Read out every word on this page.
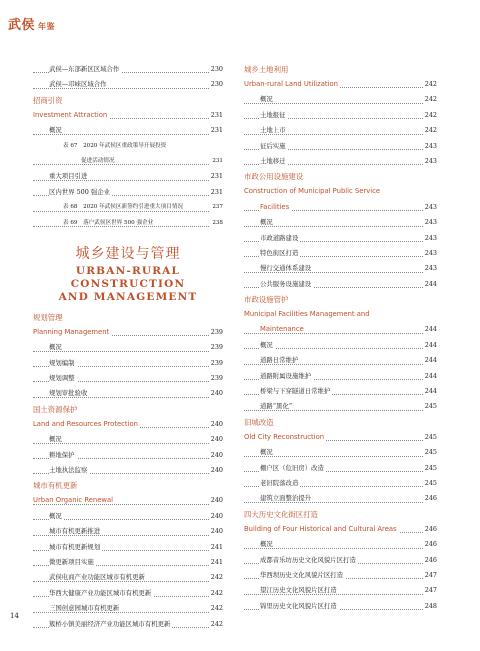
武侯 年鉴
武侯—东部新区区域合作	230
武侯—邛崃区域合作	230
招商引资
Investment Attraction	231
概况	231
表 67　2020 年武侯区重政策导开展投资
促进活动情况	231
重大项目引进	231
区内世界 500 强企业	231
表 68　2020 年武侯区新签约引进重大项目情况	237
表 69　落户武侯区世界 500 强企业	238
城乡建设与管理
URBAN-RURAL CONSTRUCTION
AND MANAGEMENT
规划管理
Planning Management	239
概况	239
规划编制	239
规划调整	239
规划审批验收	240
国土资源保护
Land and Resources Protection	240
概况	240
耕地保护	240
土地执法监察	240
城市有机更新
Urban Organic Renewal	240
概况	240
城市有机更新推进	240
城市有机更新规划	241
微更新项目实施	241
武侯电商产业功能区城市有机更新	242
华西大健康产业功能区城市有机更新	242
三国创意园城市有机更新	242
簇桥小镇美丽经济产业功能区城市有机更新	242
城乡土地利用
Urban-rural Land Utilization	242
概况	242
土地报征	242
土地上市	242
征后实施	243
土地移迁	243
市政公用设施建设
Construction of Municipal Public Service
Facilities	243
概况	243
市政道路建设	243
特色街区打造	243
慢行交通体系建设	243
公共服务设施建设	244
市政设施管护
Municipal Facilities Management and
Maintenance	244
概况	244
道路日常维护	244
道路附属设施维护	244
桥梁与下穿隧道日常维护	244
道路“黑化”	245
旧城改造
Old City Reconstruction	245
概况	245
棚户区（危旧房）改造	245
老旧院落改造	245
建筑立面整治提升	246
四大历史文化街区打造
Building of Four Historical and Cultural Areas	246
概况	246
成都音乐坊历史文化风貌片区打造	246
华西坝历史文化风貌片区打造	247
望江历史文化风貌片区打造	247
锦里历史文化风貌片区打造	248
14
